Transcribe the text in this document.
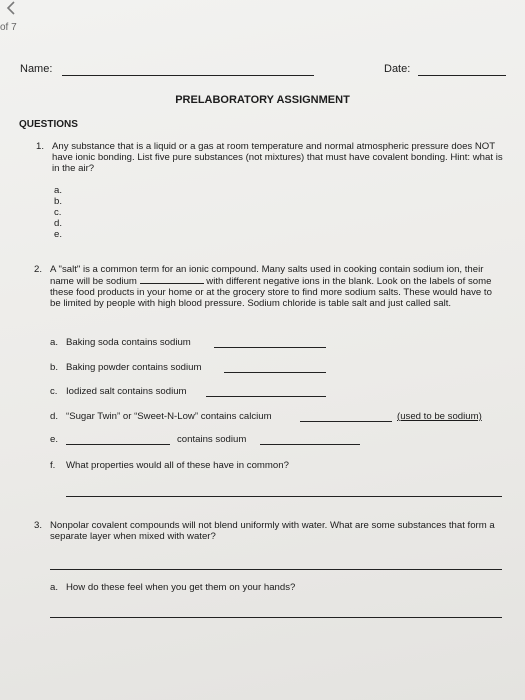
of 7
Name:	Date:
PRELABORATORY ASSIGNMENT
QUESTIONS
1. Any substance that is a liquid or a gas at room temperature and normal atmospheric pressure does NOT have ionic bonding. List five pure substances (not mixtures) that must have covalent bonding. Hint: what is in the air?
a.
b.
c.
d.
e.
2. A "salt" is a common term for an ionic compound. Many salts used in cooking contain sodium ion, their name will be sodium	with different negative ions in the blank. Look on the labels of some these food products in your home or at the grocery store to find more sodium salts. These would have to be limited by people with high blood pressure. Sodium chloride is table salt and just called salt.
a. Baking soda contains sodium
b. Baking powder contains sodium
c. Iodized salt contains sodium
d. “Sugar Twin” or “Sweet-N-Low” contains calcium	(used to be sodium)
e.	contains sodium
f. What properties would all of these have in common?
3. Nonpolar covalent compounds will not blend uniformly with water. What are some substances that form a separate layer when mixed with water?
a. How do these feel when you get them on your hands?
